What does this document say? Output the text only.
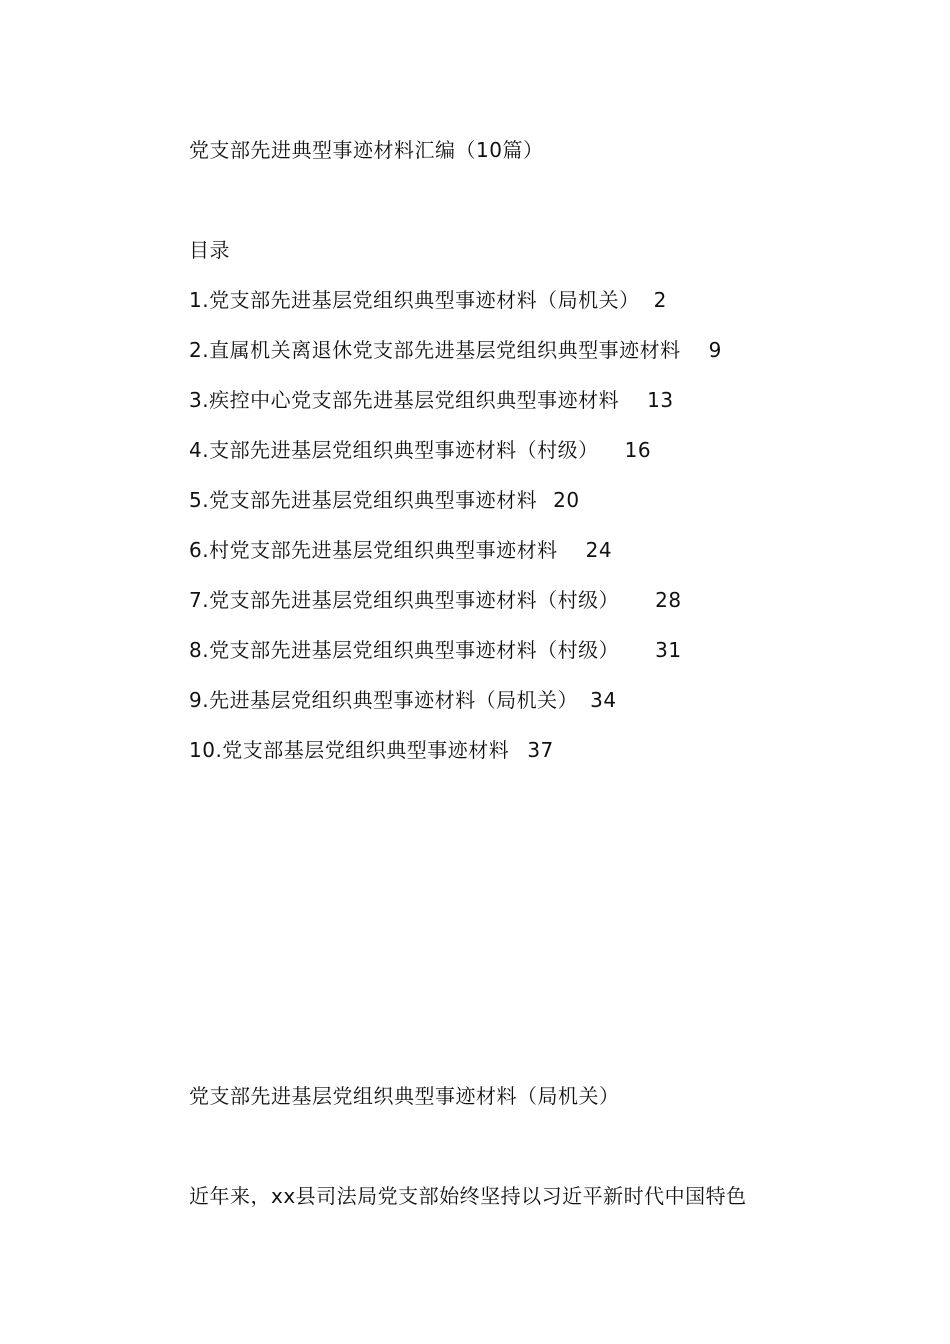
党支部先进典型事迹材料汇编（10篇）
目录
1.党支部先进基层党组织典型事迹材料（局机关） 2
2.直属机关离退休党支部先进基层党组织典型事迹材料 9
3.疾控中心党支部先进基层党组织典型事迹材料 13
4.支部先进基层党组织典型事迹材料（村级） 16
5.党支部先进基层党组织典型事迹材料 20
6.村党支部先进基层党组织典型事迹材料 24
7.党支部先进基层党组织典型事迹材料（村级） 28
8.党支部先进基层党组织典型事迹材料（村级） 31
9.先进基层党组织典型事迹材料（局机关） 34
10.党支部基层党组织典型事迹材料 37
党支部先进基层党组织典型事迹材料（局机关）
近年来，xx县司法局党支部始终坚持以习近平新时代中国特色
